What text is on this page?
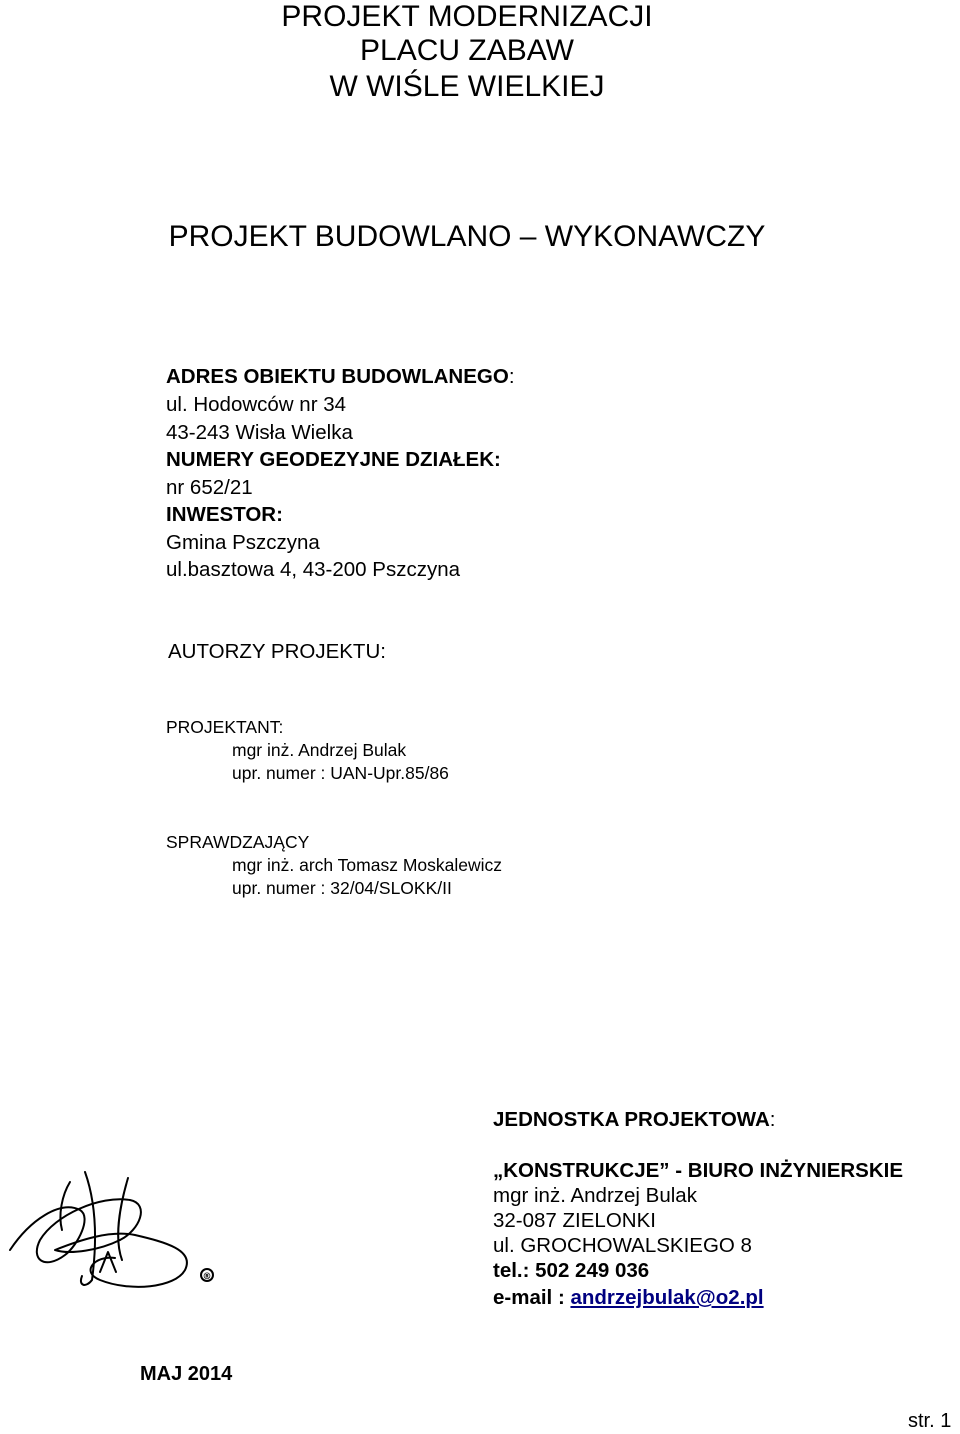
PROJEKT MODERNIZACJI
PLACU ZABAW
W WIŚLE WIELKIEJ
PROJEKT BUDOWLANO – WYKONAWCZY
ADRES OBIEKTU BUDOWLANEGO:
ul. Hodowców nr 34
43-243 Wisła Wielka
NUMERY GEODEZYJNE DZIAŁEK:
nr 652/21
INWESTOR:
Gmina Pszczyna
ul.basztowa 4, 43-200 Pszczyna
AUTORZY PROJEKTU:
PROJEKTANT:
mgr inż. Andrzej Bulak
upr. numer : UAN-Upr.85/86
SPRAWDZAJĄCY
mgr inż. arch Tomasz Moskalewicz
upr. numer : 32/04/SLOKK/II
JEDNOSTKA PROJEKTOWA:
„KONSTRUKCJE” - BIURO INŻYNIERSKIE
mgr inż. Andrzej Bulak
32-087 ZIELONKI
ul. GROCHOWALSKIEGO 8
tel.: 502 249 036
e-mail : andrzejbulak@o2.pl
®
MAJ 2014
str. 1
